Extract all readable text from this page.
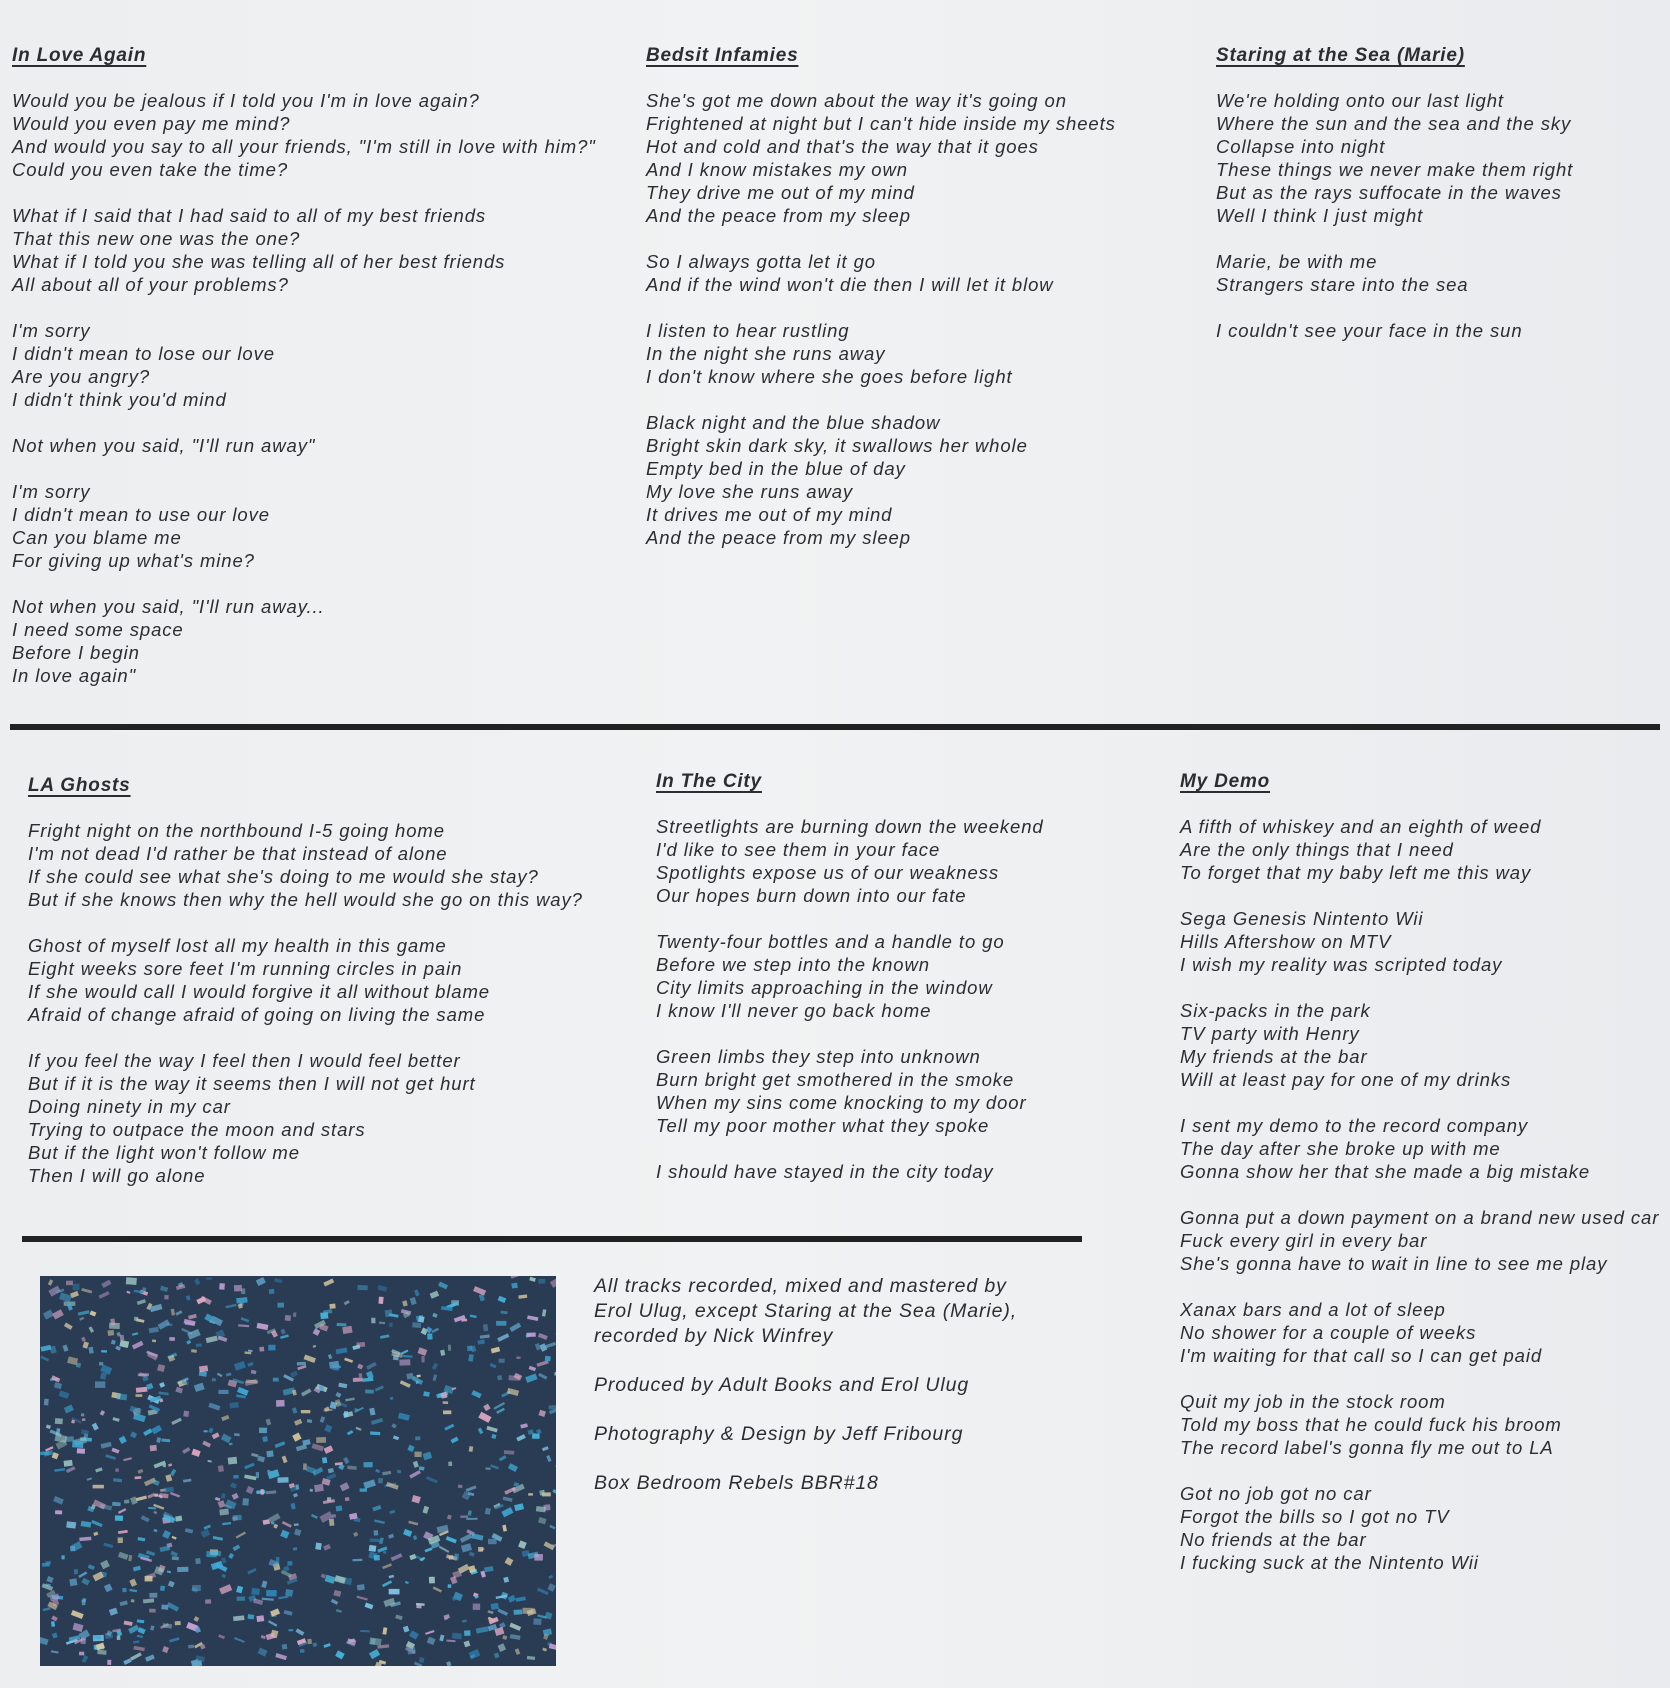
In Love Again
Would you be jealous if I told you I'm in love again?
Would you even pay me mind?
And would you say to all your friends, "I'm still in love with him?"
Could you even take the time?
What if I said that I had said to all of my best friends
That this new one was the one?
What if I told you she was telling all of her best friends
All about all of your problems?
I'm sorry
I didn't mean to lose our love
Are you angry?
I didn't think you'd mind
Not when you said, "I'll run away"
I'm sorry
I didn't mean to use our love
Can you blame me
For giving up what's mine?
Not when you said, "I'll run away...
I need some space
Before I begin
In love again"
Bedsit Infamies
She's got me down about the way it's going on
Frightened at night but I can't hide inside my sheets
Hot and cold and that's the way that it goes
And I know mistakes my own
They drive me out of my mind
And the peace from my sleep
So I always gotta let it go
And if the wind won't die then I will let it blow
I listen to hear rustling
In the night she runs away
I don't know where she goes before light
Black night and the blue shadow
Bright skin dark sky, it swallows her whole
Empty bed in the blue of day
My love she runs away
It drives me out of my mind
And the peace from my sleep
Staring at the Sea (Marie)
We're holding onto our last light
Where the sun and the sea and the sky
Collapse into night
These things we never make them right
But as the rays suffocate in the waves
Well I think I just might
Marie, be with me
Strangers stare into the sea
I couldn't see your face in the sun
LA Ghosts
Fright night on the northbound I-5 going home
I'm not dead I'd rather be that instead of alone
If she could see what she's doing to me would she stay?
But if she knows then why the hell would she go on this way?
Ghost of myself lost all my health in this game
Eight weeks sore feet I'm running circles in pain
If she would call I would forgive it all without blame
Afraid of change afraid of going on living the same
If you feel the way I feel then I would feel better
But if it is the way it seems then I will not get hurt
Doing ninety in my car
Trying to outpace the moon and stars
But if the light won't follow me
Then I will go alone
In The City
Streetlights are burning down the weekend
I'd like to see them in your face
Spotlights expose us of our weakness
Our hopes burn down into our fate
Twenty-four bottles and a handle to go
Before we step into the known
City limits approaching in the window
I know I'll never go back home
Green limbs they step into unknown
Burn bright get smothered in the smoke
When my sins come knocking to my door
Tell my poor mother what they spoke
I should have stayed in the city today
My Demo
A fifth of whiskey and an eighth of weed
Are the only things that I need
To forget that my baby left me this way
Sega Genesis Nintento Wii
Hills Aftershow on MTV
I wish my reality was scripted today
Six-packs in the park
TV party with Henry
My friends at the bar
Will at least pay for one of my drinks
I sent my demo to the record company
The day after she broke up with me
Gonna show her that she made a big mistake
Gonna put a down payment on a brand new used car
Fuck every girl in every bar
She's gonna have to wait in line to see me play
Xanax bars and a lot of sleep
No shower for a couple of weeks
I'm waiting for that call so I can get paid
Quit my job in the stock room
Told my boss that he could fuck his broom
The record label's gonna fly me out to LA
Got no job got no car
Forgot the bills so I got no TV
No friends at the bar
I fucking suck at the Nintento Wii
All tracks recorded, mixed and mastered by
Erol Ulug, except Staring at the Sea (Marie),
recorded by Nick Winfrey
Produced by Adult Books and Erol Ulug
Photography & Design by Jeff Fribourg
Box Bedroom Rebels BBR#18
